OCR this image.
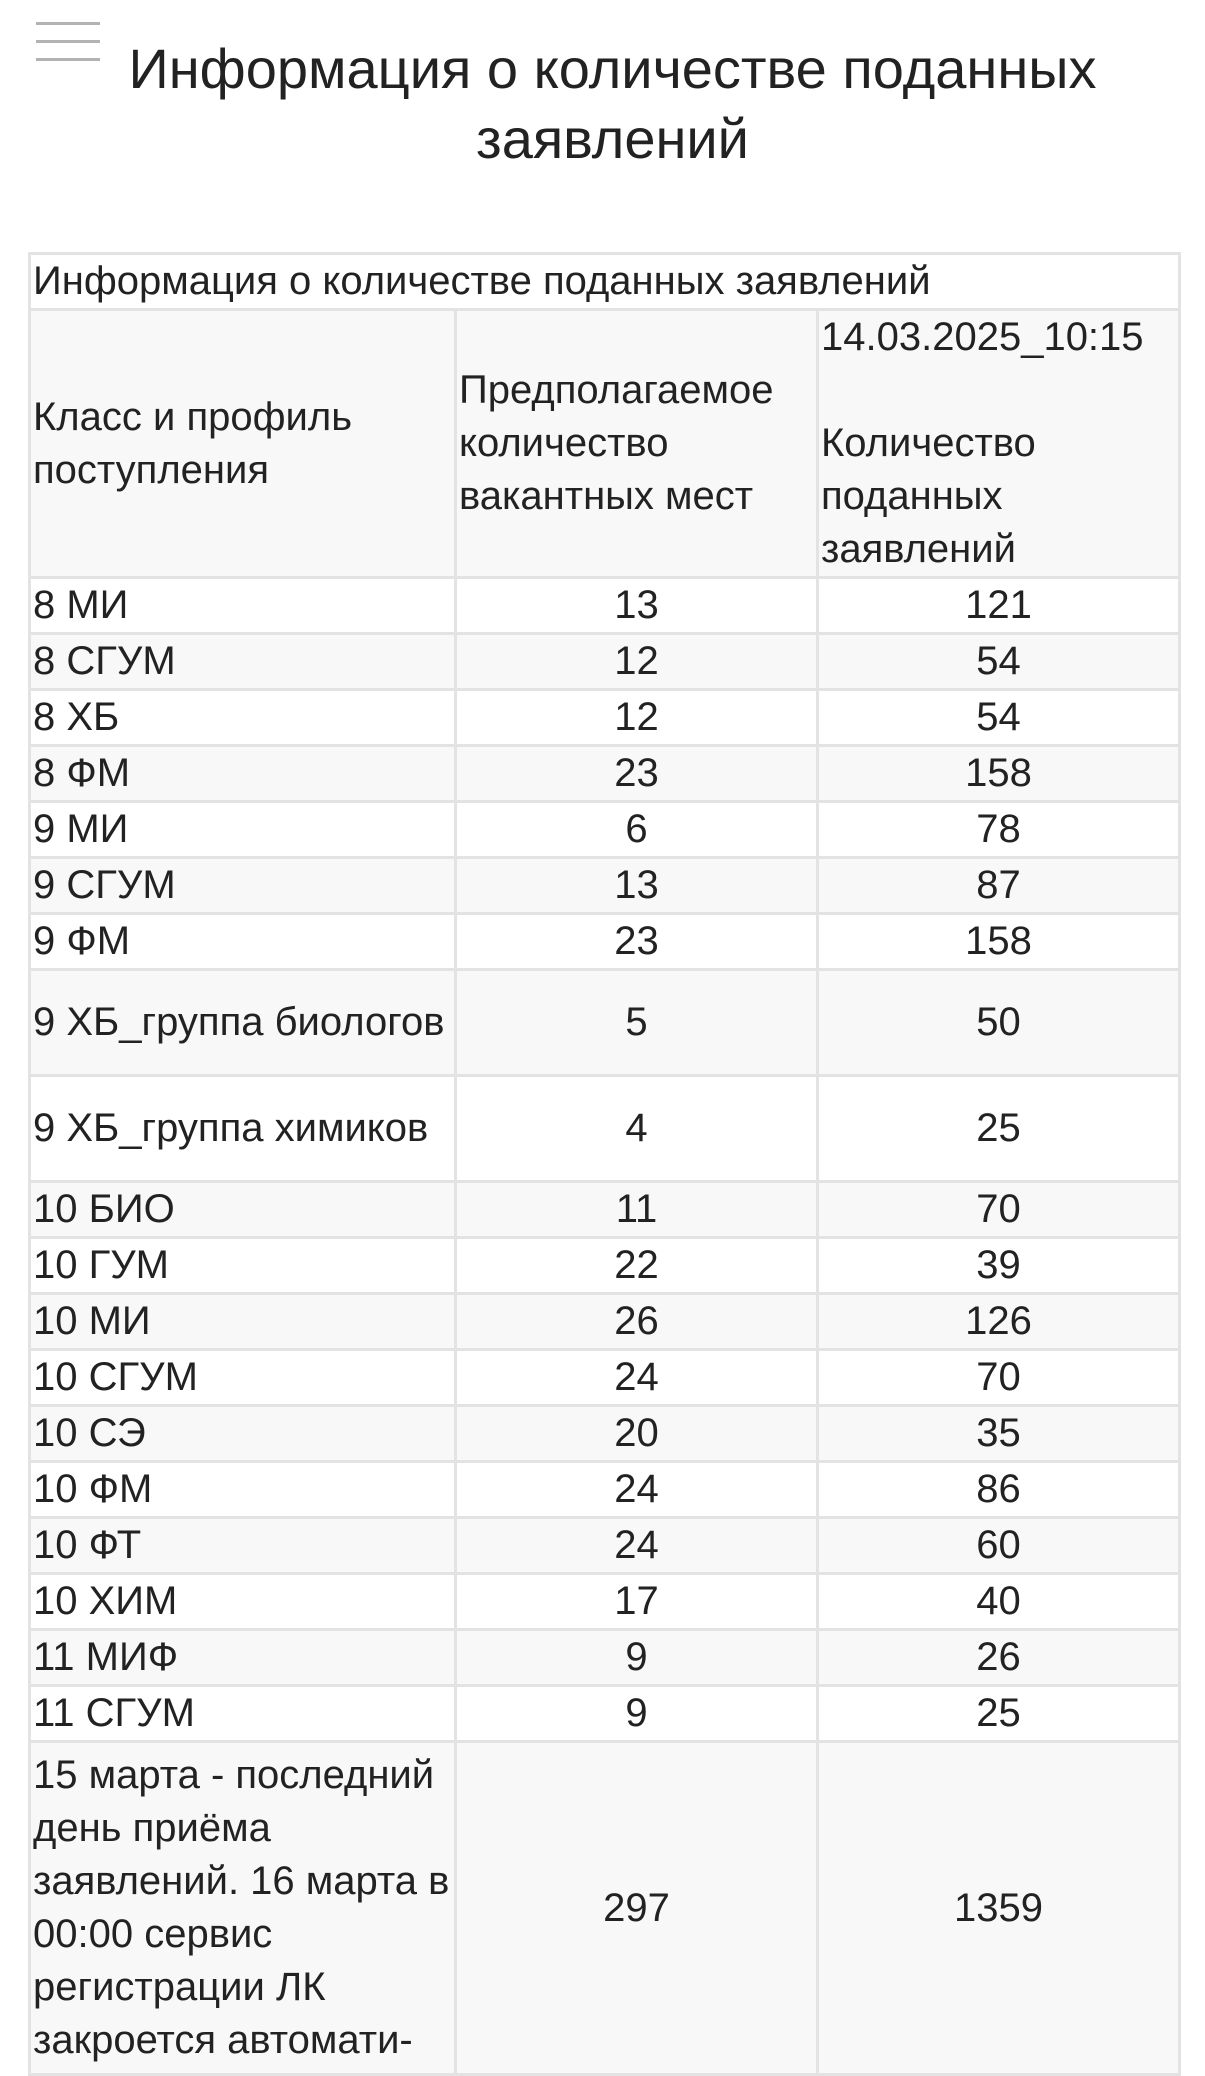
Информация о количестве поданных заявлений
Информация о количестве поданных заявлений		
Класс и профиль поступления	Предполагаемое количество вакантных мест	14.03.2025_10:15
Количество поданных заявлений
8 МИ	13	121
8 СГУМ	12	54
8 ХБ	12	54
8 ФМ	23	158
9 МИ	6	78
9 СГУМ	13	87
9 ФМ	23	158
9 ХБ_группа биологов	5	50
9 ХБ_группа химиков	4	25
10 БИО	11	70
10 ГУМ	22	39
10 МИ	26	126
10 СГУМ	24	70
10 СЭ	20	35
10 ФМ	24	86
10 ФТ	24	60
10 ХИМ	17	40
11 МИФ	9	26
11 СГУМ	9	25
15 марта - последний день приёма заявлений. 16 марта в 00:00 сервис регистрации ЛК закроется автомати-	297	1359
